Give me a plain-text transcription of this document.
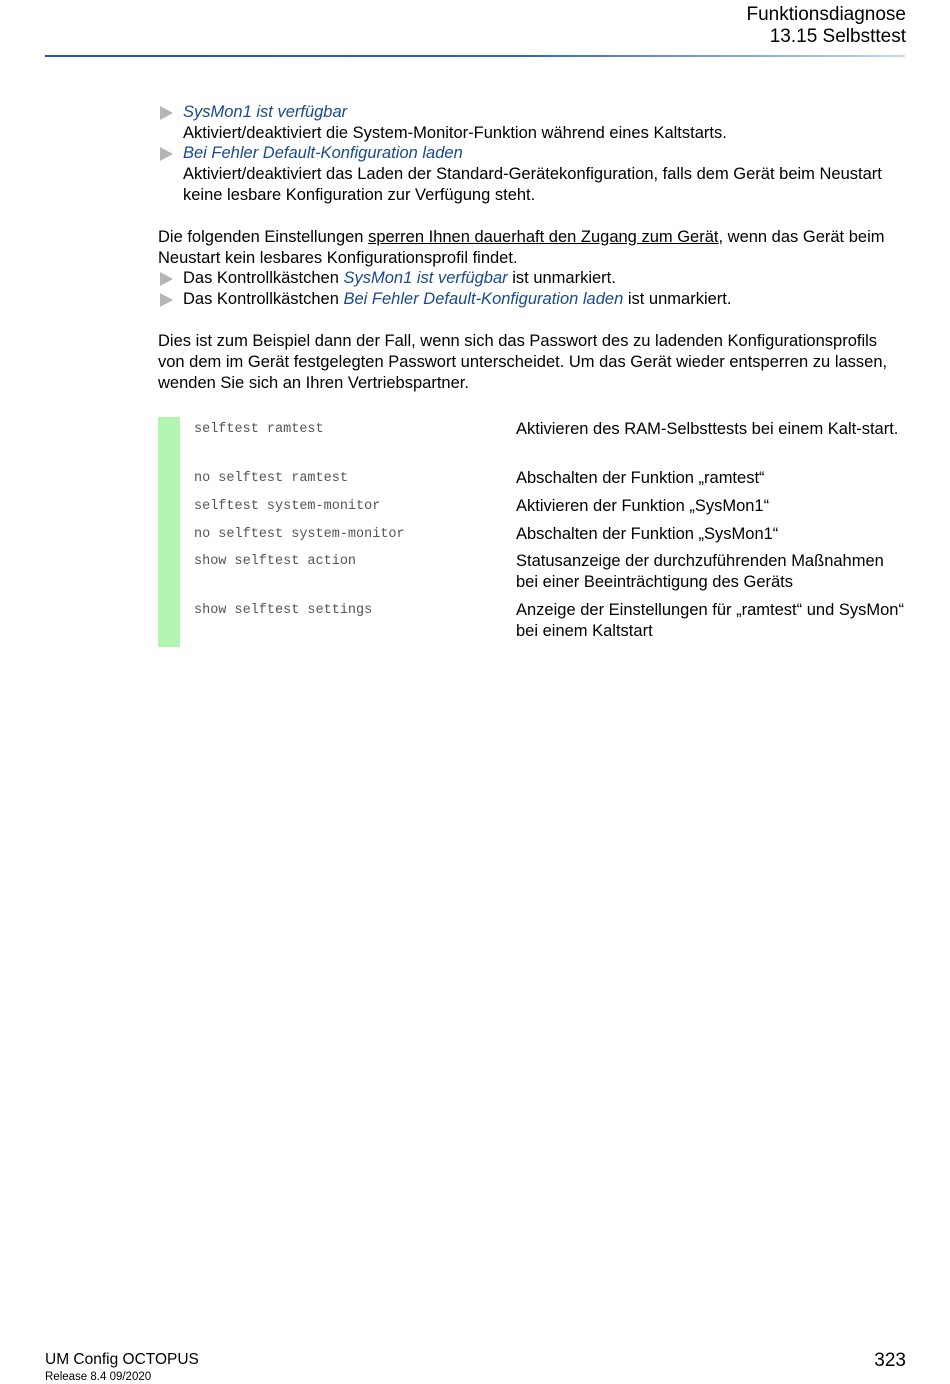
Funktionsdiagnose
13.15 Selbsttest
SysMon1 ist verfügbar
Aktiviert/deaktiviert die System-Monitor-Funktion während eines Kaltstarts.
Bei Fehler Default-Konfiguration laden
Aktiviert/deaktiviert das Laden der Standard-Gerätekonfiguration, falls dem Gerät beim Neustart keine lesbare Konfiguration zur Verfügung steht.
Die folgenden Einstellungen sperren Ihnen dauerhaft den Zugang zum Gerät, wenn das Gerät beim Neustart kein lesbares Konfigurationsprofil findet.
Das Kontrollkästchen SysMon1 ist verfügbar ist unmarkiert.
Das Kontrollkästchen Bei Fehler Default-Konfiguration laden ist unmarkiert.
Dies ist zum Beispiel dann der Fall, wenn sich das Passwort des zu ladenden Konfigurationsprofils von dem im Gerät festgelegten Passwort unterscheidet. Um das Gerät wieder entsperren zu lassen, wenden Sie sich an Ihren Vertriebspartner.
selftest ramtest	Aktivieren des RAM-Selbsttests bei einem Kalt-start.
no selftest ramtest	Abschalten der Funktion „ramtest“
selftest system-monitor	Aktivieren der Funktion „SysMon1“
no selftest system-monitor	Abschalten der Funktion „SysMon1“
show selftest action	Statusanzeige der durchzuführenden Maßnahmen bei einer Beeinträchtigung des Geräts
show selftest settings	Anzeige der Einstellungen für „ramtest“ und SysMon“ bei einem Kaltstart
UM Config OCTOPUS
Release 8.4 09/2020
323
